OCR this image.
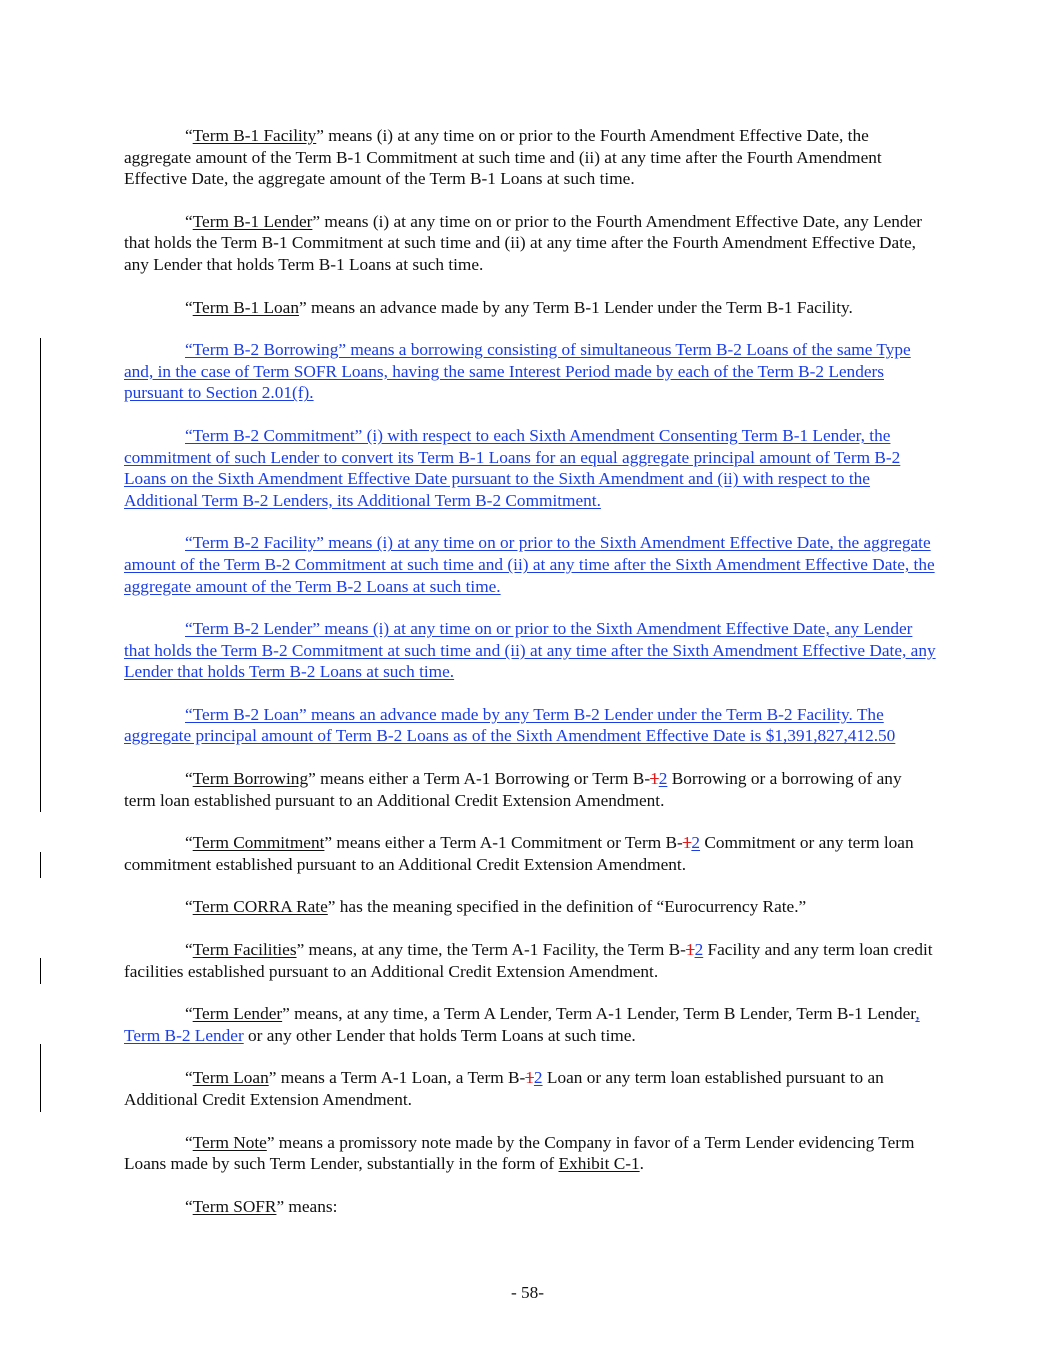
“Term B-1 Facility” means (i) at any time on or prior to the Fourth Amendment Effective Date, the aggregate amount of the Term B-1 Commitment at such time and (ii) at any time after the Fourth Amendment Effective Date, the aggregate amount of the Term B-1 Loans at such time.

“Term B-1 Lender” means (i) at any time on or prior to the Fourth Amendment Effective Date, any Lender that holds the Term B-1 Commitment at such time and (ii) at any time after the Fourth Amendment Effective Date, any Lender that holds Term B-1 Loans at such time.

“Term B-1 Loan” means an advance made by any Term B-1 Lender under the Term B-1 Facility.

“Term B-2 Borrowing” means a borrowing consisting of simultaneous Term B-2 Loans of the same Type and, in the case of Term SOFR Loans, having the same Interest Period made by each of the Term B-2 Lenders pursuant to Section 2.01(f).

“Term B-2 Commitment” (i) with respect to each Sixth Amendment Consenting Term B-1 Lender, the commitment of such Lender to convert its Term B-1 Loans for an equal aggregate principal amount of Term B-2 Loans on the Sixth Amendment Effective Date pursuant to the Sixth Amendment and (ii) with respect to the Additional Term B-2 Lenders, its Additional Term B-2 Commitment.

“Term B-2 Facility” means (i) at any time on or prior to the Sixth Amendment Effective Date, the aggregate amount of the Term B-2 Commitment at such time and (ii) at any time after the Sixth Amendment Effective Date, the aggregate amount of the Term B-2 Loans at such time.

“Term B-2 Lender” means (i) at any time on or prior to the Sixth Amendment Effective Date, any Lender that holds the Term B-2 Commitment at such time and (ii) at any time after the Sixth Amendment Effective Date, any Lender that holds Term B-2 Loans at such time.

“Term B-2 Loan” means an advance made by any Term B-2 Lender under the Term B-2 Facility. The aggregate principal amount of Term B-2 Loans as of the Sixth Amendment Effective Date is $1,391,827,412.50

“Term Borrowing” means either a Term A-1 Borrowing or Term B-12 Borrowing or a borrowing of any term loan established pursuant to an Additional Credit Extension Amendment.

“Term Commitment” means either a Term A-1 Commitment or Term B-12 Commitment or any term loan commitment established pursuant to an Additional Credit Extension Amendment.

“Term CORRA Rate” has the meaning specified in the definition of “Eurocurrency Rate.”

“Term Facilities” means, at any time, the Term A-1 Facility, the Term B-12 Facility and any term loan credit facilities established pursuant to an Additional Credit Extension Amendment.

“Term Lender” means, at any time, a Term A Lender, Term A-1 Lender, Term B Lender, Term B-1 Lender, Term B-2 Lender or any other Lender that holds Term Loans at such time.

“Term Loan” means a Term A-1 Loan, a Term B-12 Loan or any term loan established pursuant to an Additional Credit Extension Amendment.

“Term Note” means a promissory note made by the Company in favor of a Term Lender evidencing Term Loans made by such Term Lender, substantially in the form of Exhibit C-1.

“Term SOFR” means:

- 58-
